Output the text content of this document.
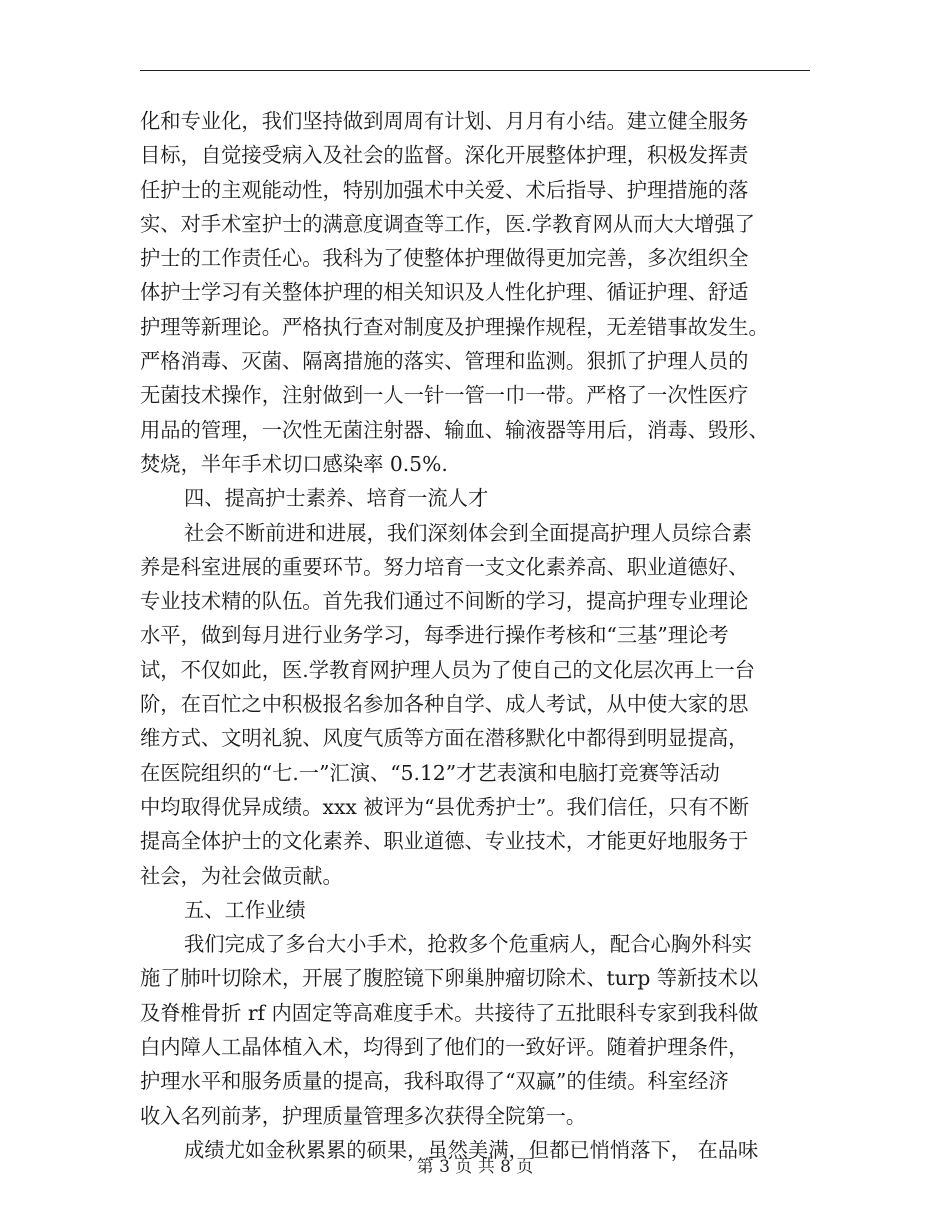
化和专业化，我们坚持做到周周有计划、月月有小结。建立健全服务
目标，自觉接受病入及社会的监督。深化开展整体护理，积极发挥责
任护士的主观能动性，特别加强术中关爱、术后指导、护理措施的落
实、对手术室护士的满意度调查等工作，医.学教育网从而大大增强了
护士的工作责任心。我科为了使整体护理做得更加完善，多次组织全
体护士学习有关整体护理的相关知识及人性化护理、循证护理、舒适
护理等新理论。严格执行查对制度及护理操作规程，无差错事故发生。
严格消毒、灭菌、隔离措施的落实、管理和监测。狠抓了护理人员的
无菌技术操作，注射做到一人一针一管一巾一带。严格了一次性医疗
用品的管理，一次性无菌注射器、输血、输液器等用后，消毒、毁形、
焚烧，半年手术切口感染率 0.5%.
四、提高护士素养、培育一流人才
社会不断前进和进展，我们深刻体会到全面提高护理人员综合素
养是科室进展的重要环节。努力培育一支文化素养高、职业道德好、
专业技术精的队伍。首先我们通过不间断的学习，提高护理专业理论
水平，做到每月进行业务学习，每季进行操作考核和“三基”理论考
试，不仅如此，医.学教育网护理人员为了使自己的文化层次再上一台
阶，在百忙之中积极报名参加各种自学、成人考试，从中使大家的思
维方式、文明礼貌、风度气质等方面在潜移默化中都得到明显提高，
在医院组织的“七.一”汇演、“5.12”才艺表演和电脑打竞赛等活动
中均取得优异成绩。xxx 被评为“县优秀护士”。我们信任，只有不断
提高全体护士的文化素养、职业道德、专业技术，才能更好地服务于
社会，为社会做贡献。
五、工作业绩
我们完成了多台大小手术，抢救多个危重病人，配合心胸外科实
施了肺叶切除术，开展了腹腔镜下卵巢肿瘤切除术、turp 等新技术以
及脊椎骨折 rf 内固定等高难度手术。共接待了五批眼科专家到我科做
白内障人工晶体植入术，均得到了他们的一致好评。随着护理条件，
护理水平和服务质量的提高，我科取得了“双赢”的佳绩。科室经济
收入名列前茅，护理质量管理多次获得全院第一。
成绩尤如金秋累累的硕果，虽然美满，但都已悄悄落下， 在品味
第 3 页 共 8 页
